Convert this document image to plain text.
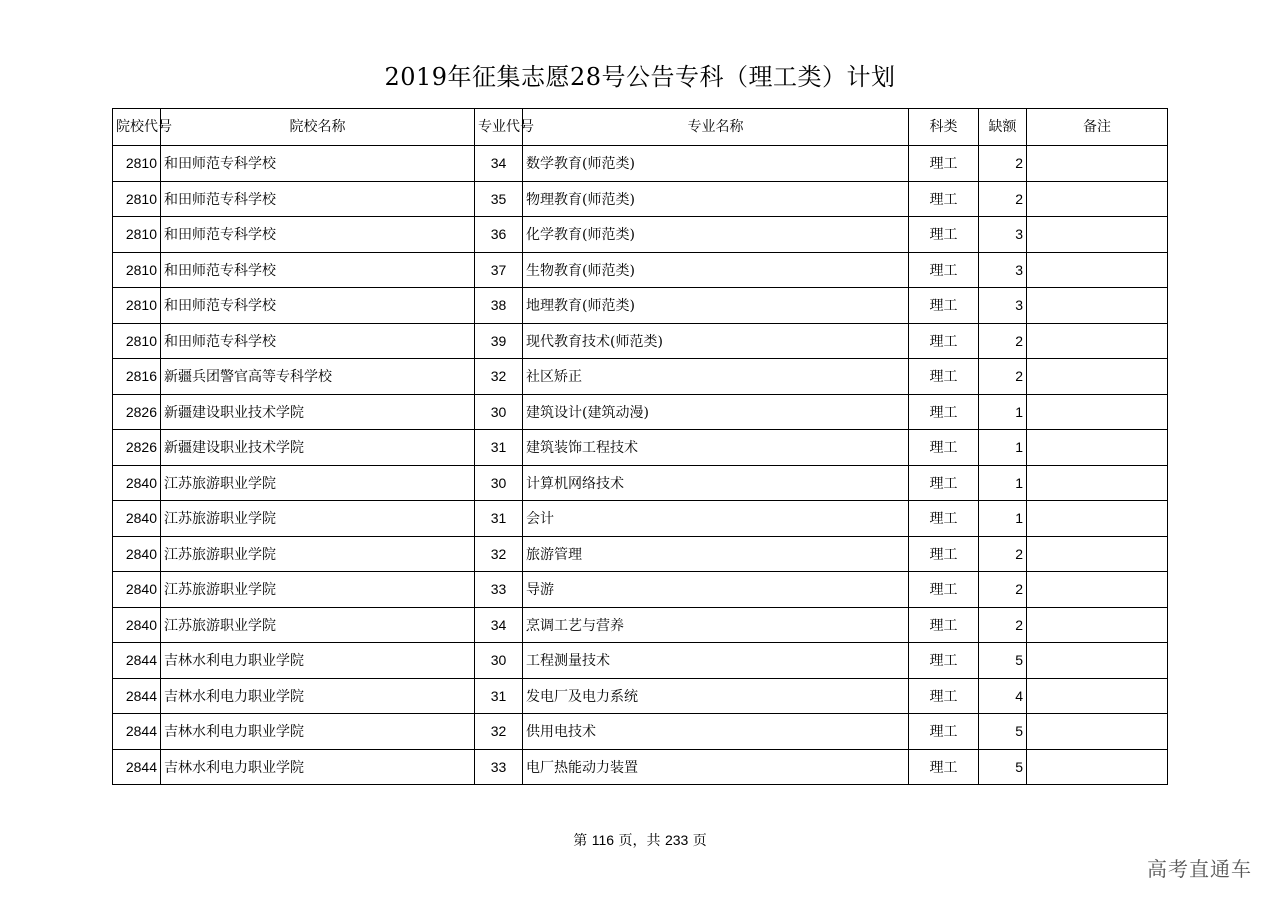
2019年征集志愿28号公告专科（理工类）计划
院校代号	院校名称	专业代号	专业名称	科类	缺额	备注
2810	和田师范专科学校	34	数学教育(师范类)	理工	2	
2810	和田师范专科学校	35	物理教育(师范类)	理工	2	
2810	和田师范专科学校	36	化学教育(师范类)	理工	3	
2810	和田师范专科学校	37	生物教育(师范类)	理工	3	
2810	和田师范专科学校	38	地理教育(师范类)	理工	3	
2810	和田师范专科学校	39	现代教育技术(师范类)	理工	2	
2816	新疆兵团警官高等专科学校	32	社区矫正	理工	2	
2826	新疆建设职业技术学院	30	建筑设计(建筑动漫)	理工	1	
2826	新疆建设职业技术学院	31	建筑装饰工程技术	理工	1	
2840	江苏旅游职业学院	30	计算机网络技术	理工	1	
2840	江苏旅游职业学院	31	会计	理工	1	
2840	江苏旅游职业学院	32	旅游管理	理工	2	
2840	江苏旅游职业学院	33	导游	理工	2	
2840	江苏旅游职业学院	34	烹调工艺与营养	理工	2	
2844	吉林水利电力职业学院	30	工程测量技术	理工	5	
2844	吉林水利电力职业学院	31	发电厂及电力系统	理工	4	
2844	吉林水利电力职业学院	32	供用电技术	理工	5	
2844	吉林水利电力职业学院	33	电厂热能动力装置	理工	5	
第 116 页，共 233 页
高考直通车
